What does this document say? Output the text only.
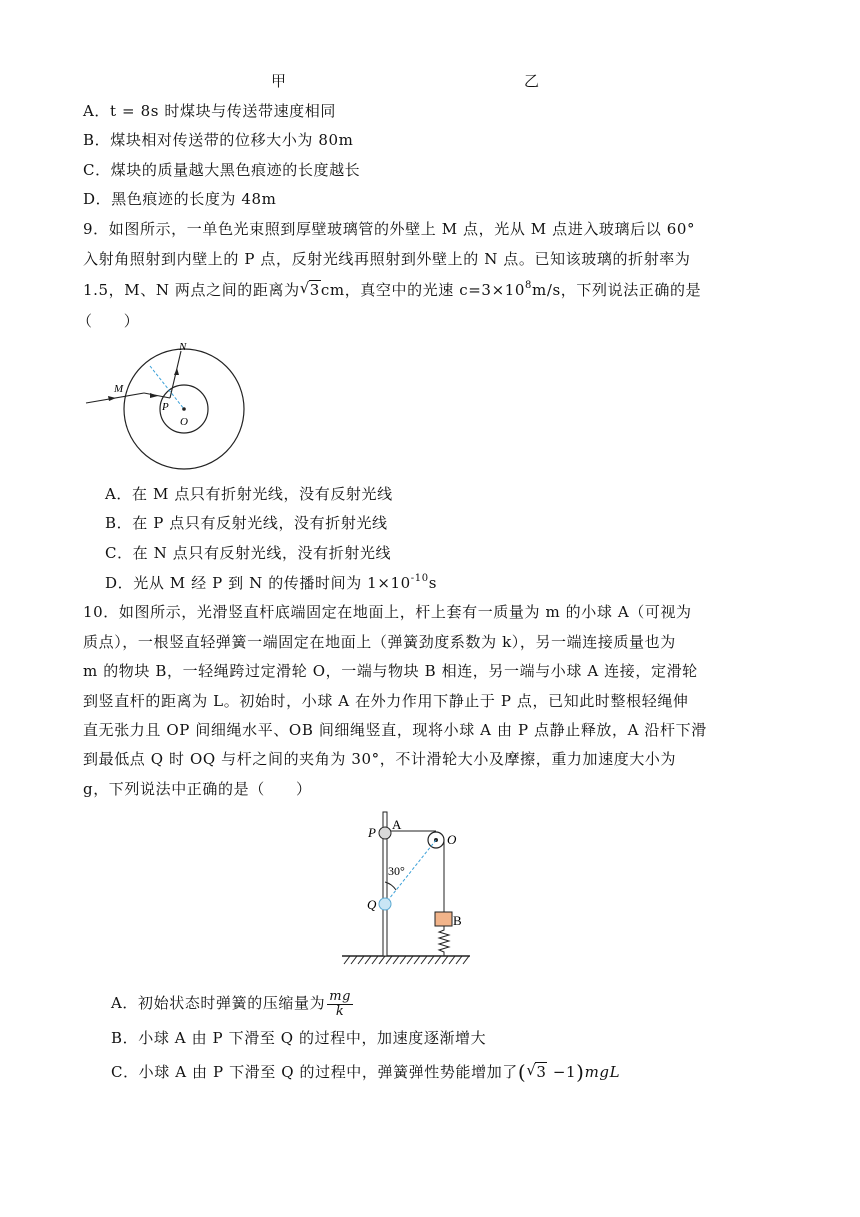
甲	乙
A．t = 8s 时煤块与传送带速度相同
B．煤块相对传送带的位移大小为 80m
C．煤块的质量越大黑色痕迹的长度越长
D．黑色痕迹的长度为 48m
9．如图所示，一单色光束照到厚壁玻璃管的外壁上 M 点，光从 M 点进入玻璃后以 60°
入射角照射到内壁上的 P 点，反射光线再照射到外壁上的 N 点。已知该玻璃的折射率为
1.5，M、N 两点之间的距离为 √ 3cm，真空中的光速 $c=3\times 10^8m/s$，下列说法正确的是
（　　）
N
M
P
O
A．在 M 点只有折射光线，没有反射光线
B．在 P 点只有反射光线，没有折射光线
C．在 N 点只有反射光线，没有折射光线
D．光从 M 经 P 到 N 的传播时间为 $1\times 10^{-10}s$
10．如图所示，光滑竖直杆底端固定在地面上，杆上套有一质量为 m 的小球 A（可视为
质点），一根竖直轻弹簧一端固定在地面上（弹簧劲度系数为 k），另一端连接质量也为
m 的物块 B，一轻绳跨过定滑轮 O，一端与物块 B 相连，另一端与小球 A 连接，定滑轮
到竖直杆的距离为 L。初始时，小球 A 在外力作用下静止于 P 点，已知此时整根轻绳伸
直无张力且 OP 间细绳水平、OB 间细绳竖直，现将小球 A 由 P 点静止释放，A 沿杆下滑
到最低点 Q 时 OQ 与杆之间的夹角为 30°，不计滑轮大小及摩擦，重力加速度大小为
g，下列说法中正确的是（　　）
P
A
O
30°
Q
B
A．初始状态时弹簧的压缩量为 $\frac{mg}{k}$
B．小球 A 由 P 下滑至 Q 的过程中，加速度逐渐增大
C．小球 A 由 P 下滑至 Q 的过程中，弹簧弹性势能增加了( √ 3 −1)mgL
